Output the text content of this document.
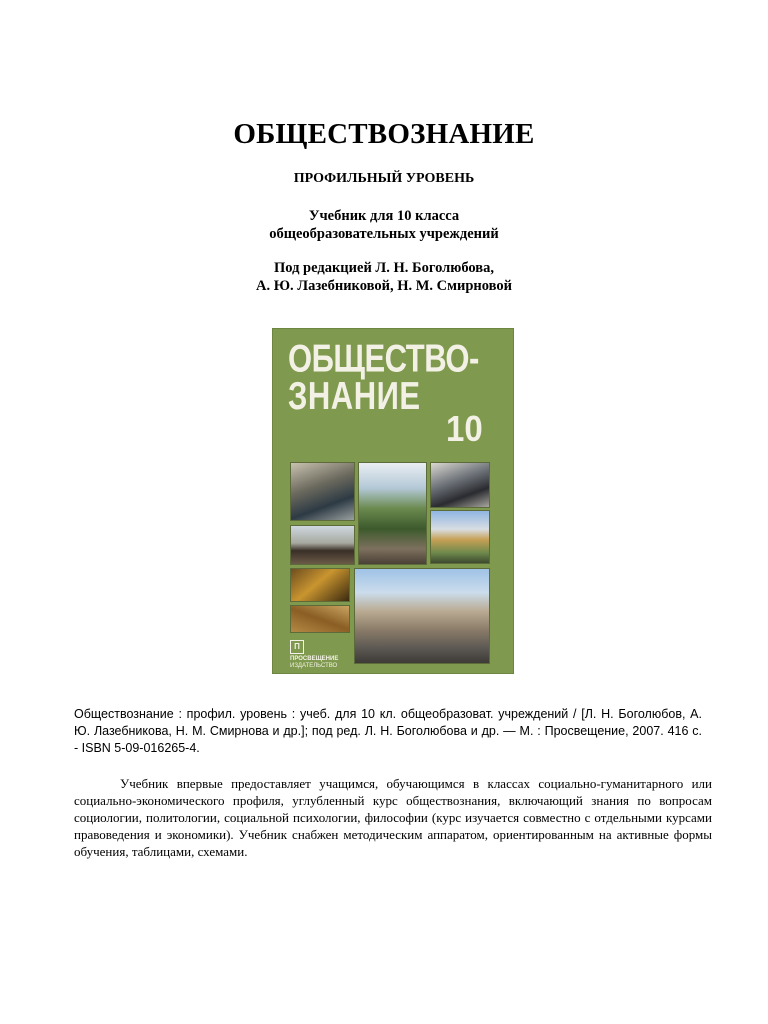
ОБЩЕСТВОЗНАНИЕ
ПРОФИЛЬНЫЙ УРОВЕНЬ
Учебник для 10 класса
общеобразовательных учреждений
Под редакцией Л. Н. Боголюбова,
А. Ю. Лазебниковой, Н. М. Смирновой
ОБЩЕСТВО-
ЗНАНИЕ
10
П
ПРОСВЕЩЕНИЕ
ИЗДАТЕЛЬСТВО
Обществознание : профил. уровень : учеб. для 10 кл. общеобразоват. учреждений / [Л. Н. Боголюбов, А. Ю. Лазебникова, Н. М. Смирнова и др.]; под ред. Л. Н. Боголюбова и др. — М. : Просвещение, 2007. 416 с. - ISBN 5-09-016265-4.
Учебник впервые предоставляет учащимся, обучающимся в классах социально-гуманитарного или социально-экономического профиля, углубленный курс обществознания, включающий знания по вопросам социологии, политологии, социальной психологии, философии (курс изучается совместно с отдельными курсами правоведения и экономики). Учебник снабжен методическим аппаратом, ориентированным на активные формы обучения, таблицами, схемами.
